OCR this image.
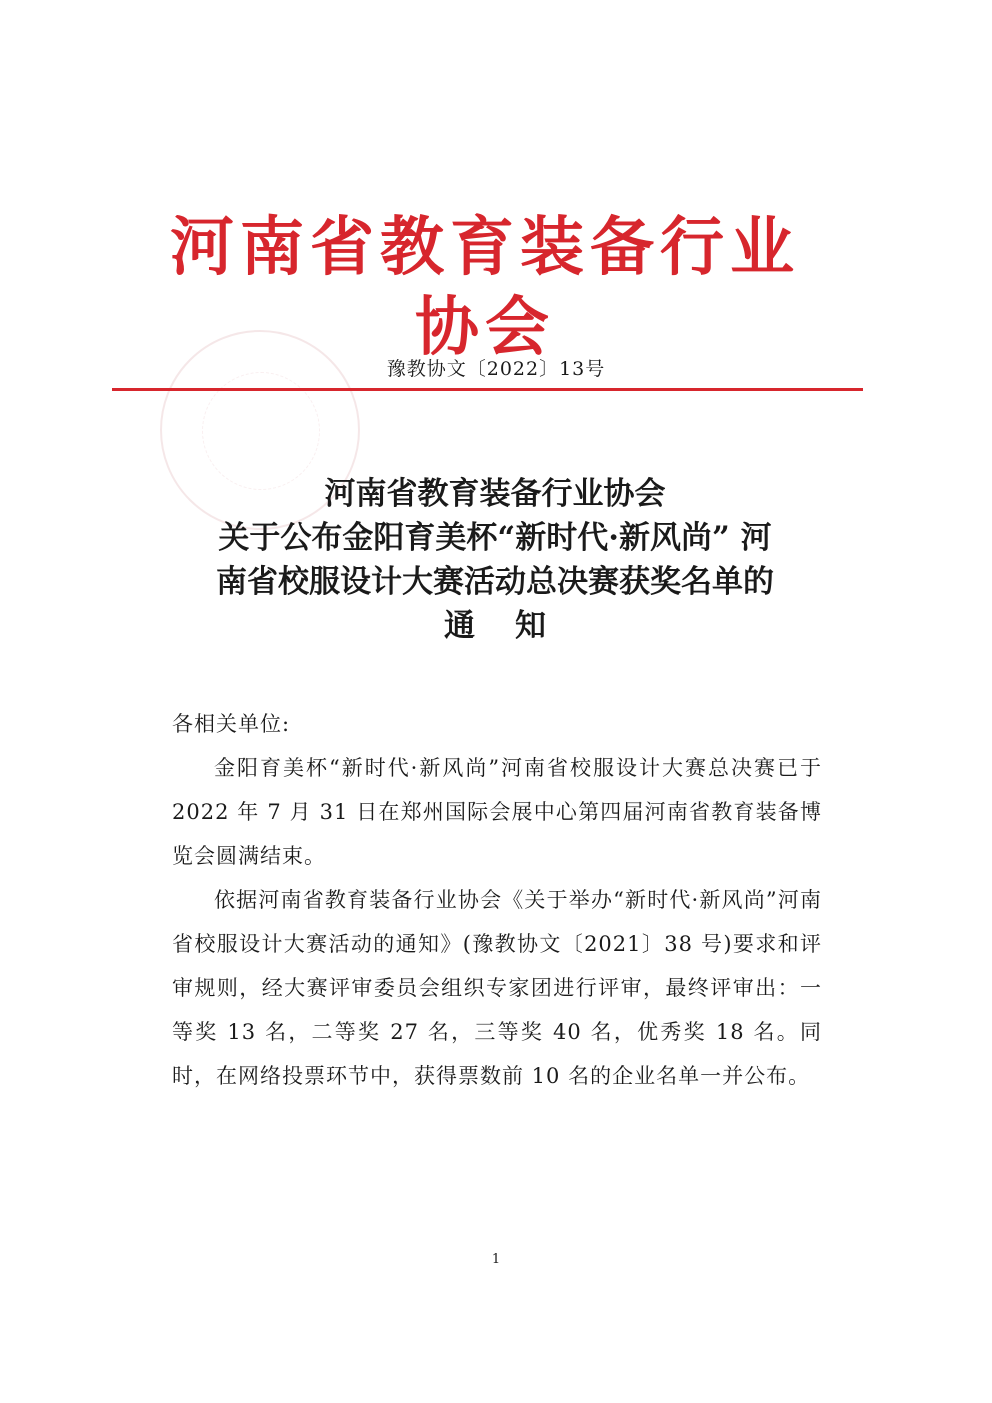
河南省教育装备行业协会
豫教协文〔2022〕13号
河南省教育装备行业协会
关于公布金阳育美杯“新时代·新风尚” 河
南省校服设计大赛活动总决赛获奖名单的
通知

各相关单位:

金阳育美杯“新时代·新风尚”河南省校服设计大赛总决赛已于 2022 年 7 月 31 日在郑州国际会展中心第四届河南省教育装备博览会圆满结束。

依据河南省教育装备行业协会《关于举办“新时代·新风尚”河南省校服设计大赛活动的通知》(豫教协文〔2021〕38 号)要求和评审规则，经大赛评审委员会组织专家团进行评审，最终评审出：一等奖 13 名，二等奖 27 名，三等奖 40 名，优秀奖 18 名。同时，在网络投票环节中，获得票数前 10 名的企业名单一并公布。

1
